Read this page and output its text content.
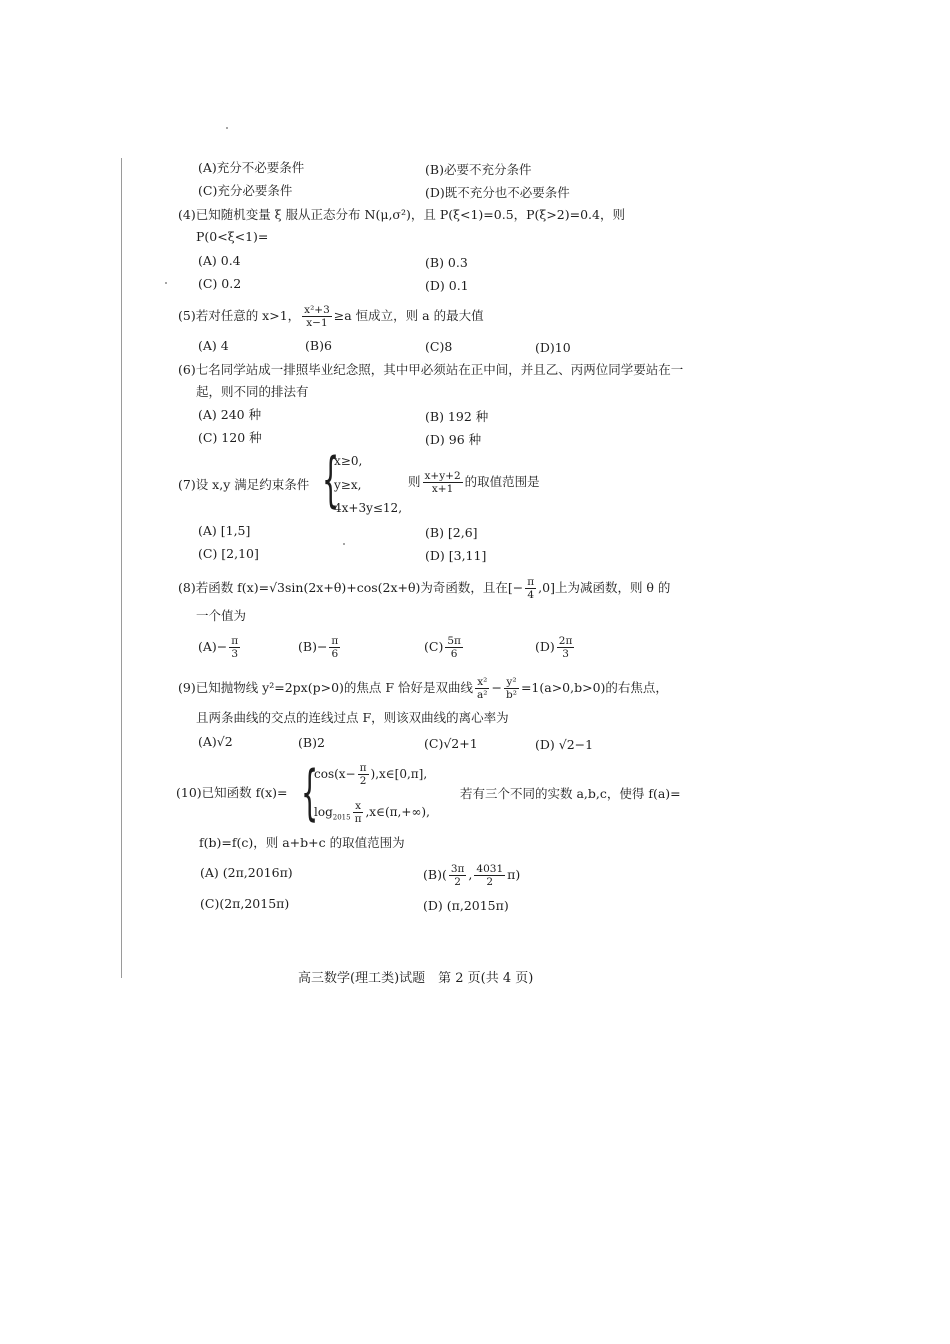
(A)充分不必要条件	(B)必要不充分条件
(C)充分必要条件	(D)既不充分也不必要条件
(4)已知随机变量 ξ 服从正态分布 N(μ,σ²)，且 P(ξ<1)=0.5，P(ξ>2)=0.4，则
P(0<ξ<1)=
(A) 0.4	(B) 0.3
(C) 0.2	(D) 0.1
(5)若对任意的 x>1， $\frac{\text{x²+3}}{x-1} \ge a$ 恒成立，则 a 的最大值
(A) 4	(B)6	(C)8	(D)10
(6)七名同学站成一排照毕业纪念照，其中甲必须站在正中间，并且乙、丙两位同学要站在一
起，则不同的排法有
(A) 240 种	(B) 192 种
(C) 120 种	(D) 96 种
(7)设 x,y 满足约束条件 {
x≥0,
y≥x,
4x+3y≤12,
则 $\frac{x+y+2}{x+1}$ 的取值范围是
(A) [1,5]	(B) [2,6]
(C) [2,10]	(D) [3,11]
(8)若函数 f(x)=√3sin(2x+θ)+cos(2x+θ)为奇函数，且在[− $\frac{\pi}{4} ,0$]上为减函数，则 θ 的
一个值为
$(A)- \frac{\pi}{3}$	$(B)- \frac{\pi}{6}$	$(C) \frac{5\pi}{6}$	$(D) \frac{2\pi}{3}$
(9)已知抛物线 y²=2px(p>0)的焦点 F 恰好是双曲线 $\frac{\text{x²}}{\text{a²}} - \frac{\text{y²}}{\text{b²}} =1(a>0,b>0)$的右焦点，
且两条曲线的交点的连线过点 F，则该双曲线的离心率为
(A)√2	(B)2	(C)√2+1	(D) √2−1
(10)已知函数 f(x)= {
$\cos(x- \frac{\pi}{2}$ ),x∈[0,π],
$\log_{2015} \frac{x}{\pi}$ ,x∈(π,+∞),
若有三个不同的实数 a,b,c，使得 f(a)=
f(b)=f(c)，则 a+b+c 的取值范围为
(A) (2π,2016π)	$(B)( \frac{3\pi}{2}$ , $\frac{4031}{2} \pi$)
(C)(2π,2015π)	(D) (π,2015π)
高三数学(理工类)试题　第 2 页(共 4 页)
